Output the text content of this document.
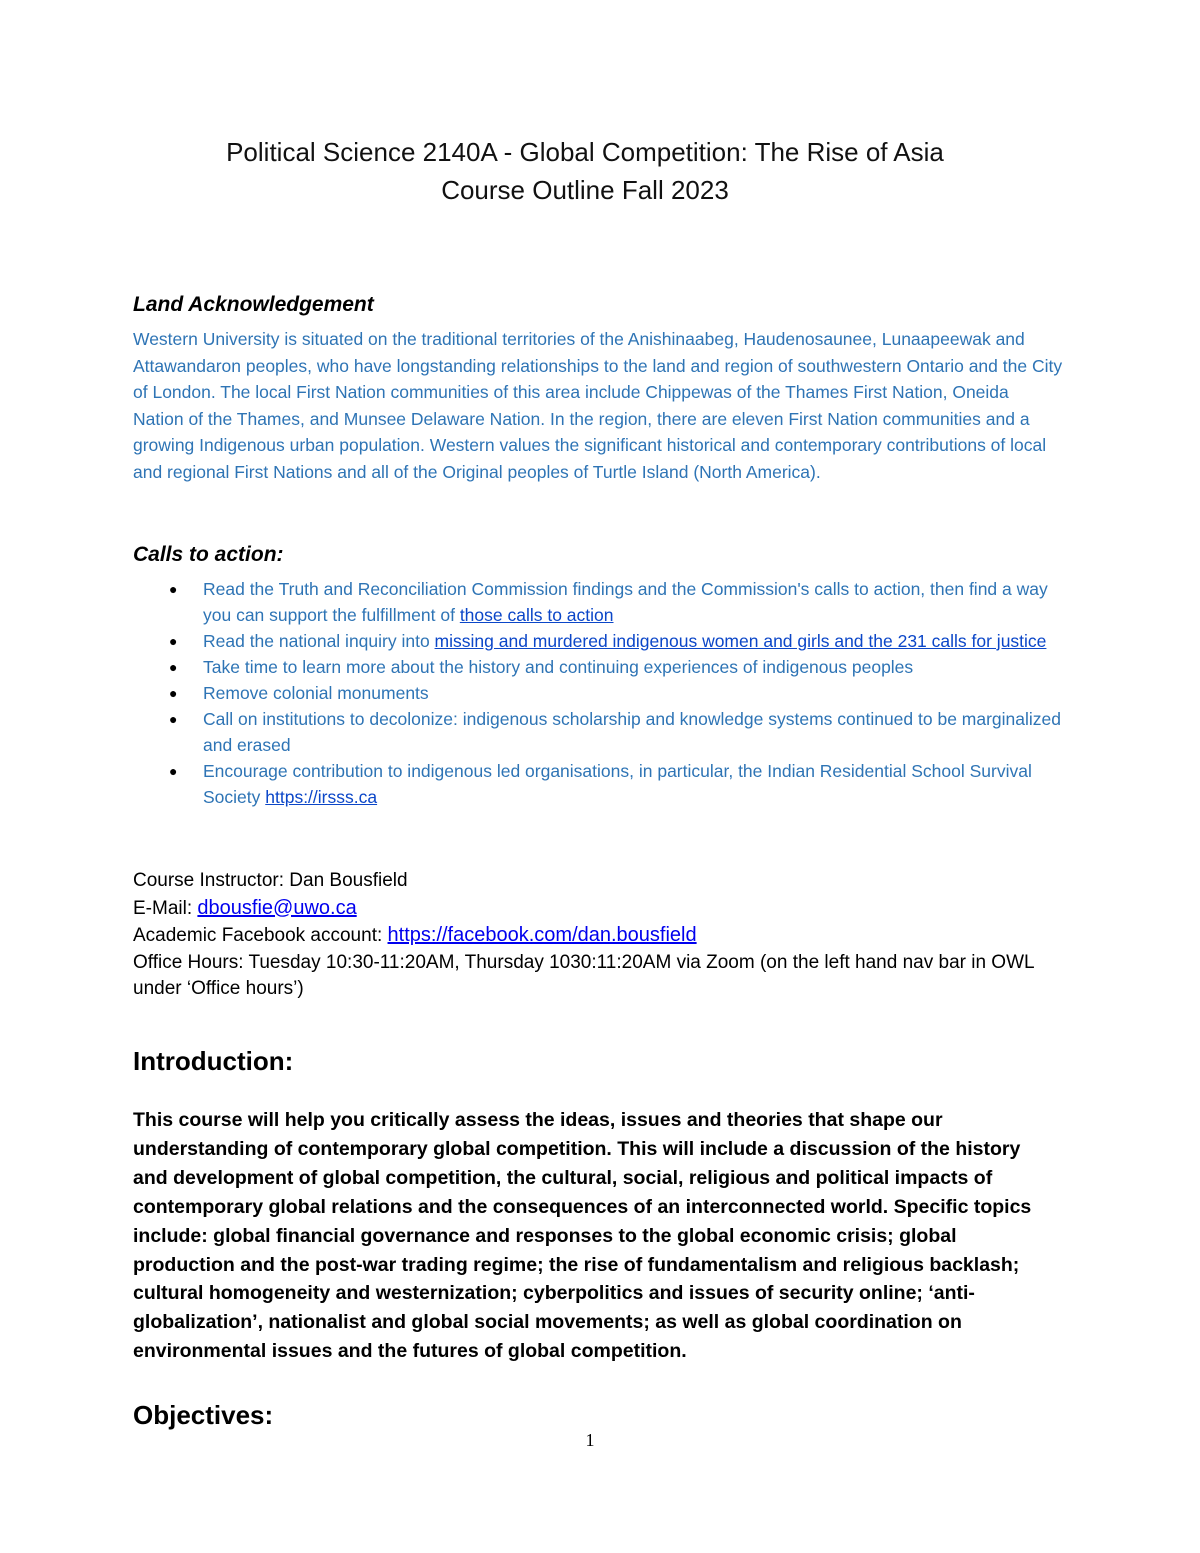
Political Science 2140A - Global Competition: The Rise of Asia
Course Outline Fall 2023
Land Acknowledgement
Western University is situated on the traditional territories of the Anishinaabeg, Haudenosaunee, Lunaapeewak and Attawandaron peoples, who have longstanding relationships to the land and region of southwestern Ontario and the City of London. The local First Nation communities of this area include Chippewas of the Thames First Nation, Oneida Nation of the Thames, and Munsee Delaware Nation. In the region, there are eleven First Nation communities and a growing Indigenous urban population. Western values the significant historical and contemporary contributions of local and regional First Nations and all of the Original peoples of Turtle Island (North America).
Calls to action:
● Read the Truth and Reconciliation Commission findings and the Commission's calls to action, then find a way you can support the fulfillment of those calls to action
● Read the national inquiry into missing and murdered indigenous women and girls and the 231 calls for justice
● Take time to learn more about the history and continuing experiences of indigenous peoples
● Remove colonial monuments
● Call on institutions to decolonize: indigenous scholarship and knowledge systems continued to be marginalized and erased
● Encourage contribution to indigenous led organisations, in particular, the Indian Residential School Survival Society https://irsss.ca
Course Instructor: Dan Bousfield
E-Mail: dbousfie@uwo.ca
Academic Facebook account: https://facebook.com/dan.bousfield
Office Hours: Tuesday 10:30-11:20AM, Thursday 1030:11:20AM via Zoom (on the left hand nav bar in OWL under ‘Office hours’)
Introduction:
This course will help you critically assess the ideas, issues and theories that shape our understanding of contemporary global competition. This will include a discussion of the history and development of global competition, the cultural, social, religious and political impacts of contemporary global relations and the consequences of an interconnected world. Specific topics include: global financial governance and responses to the global economic crisis; global production and the post-war trading regime; the rise of fundamentalism and religious backlash; cultural homogeneity and westernization; cyberpolitics and issues of security online; ‘anti-globalization’, nationalist and global social movements; as well as global coordination on environmental issues and the futures of global competition.
Objectives:
1
